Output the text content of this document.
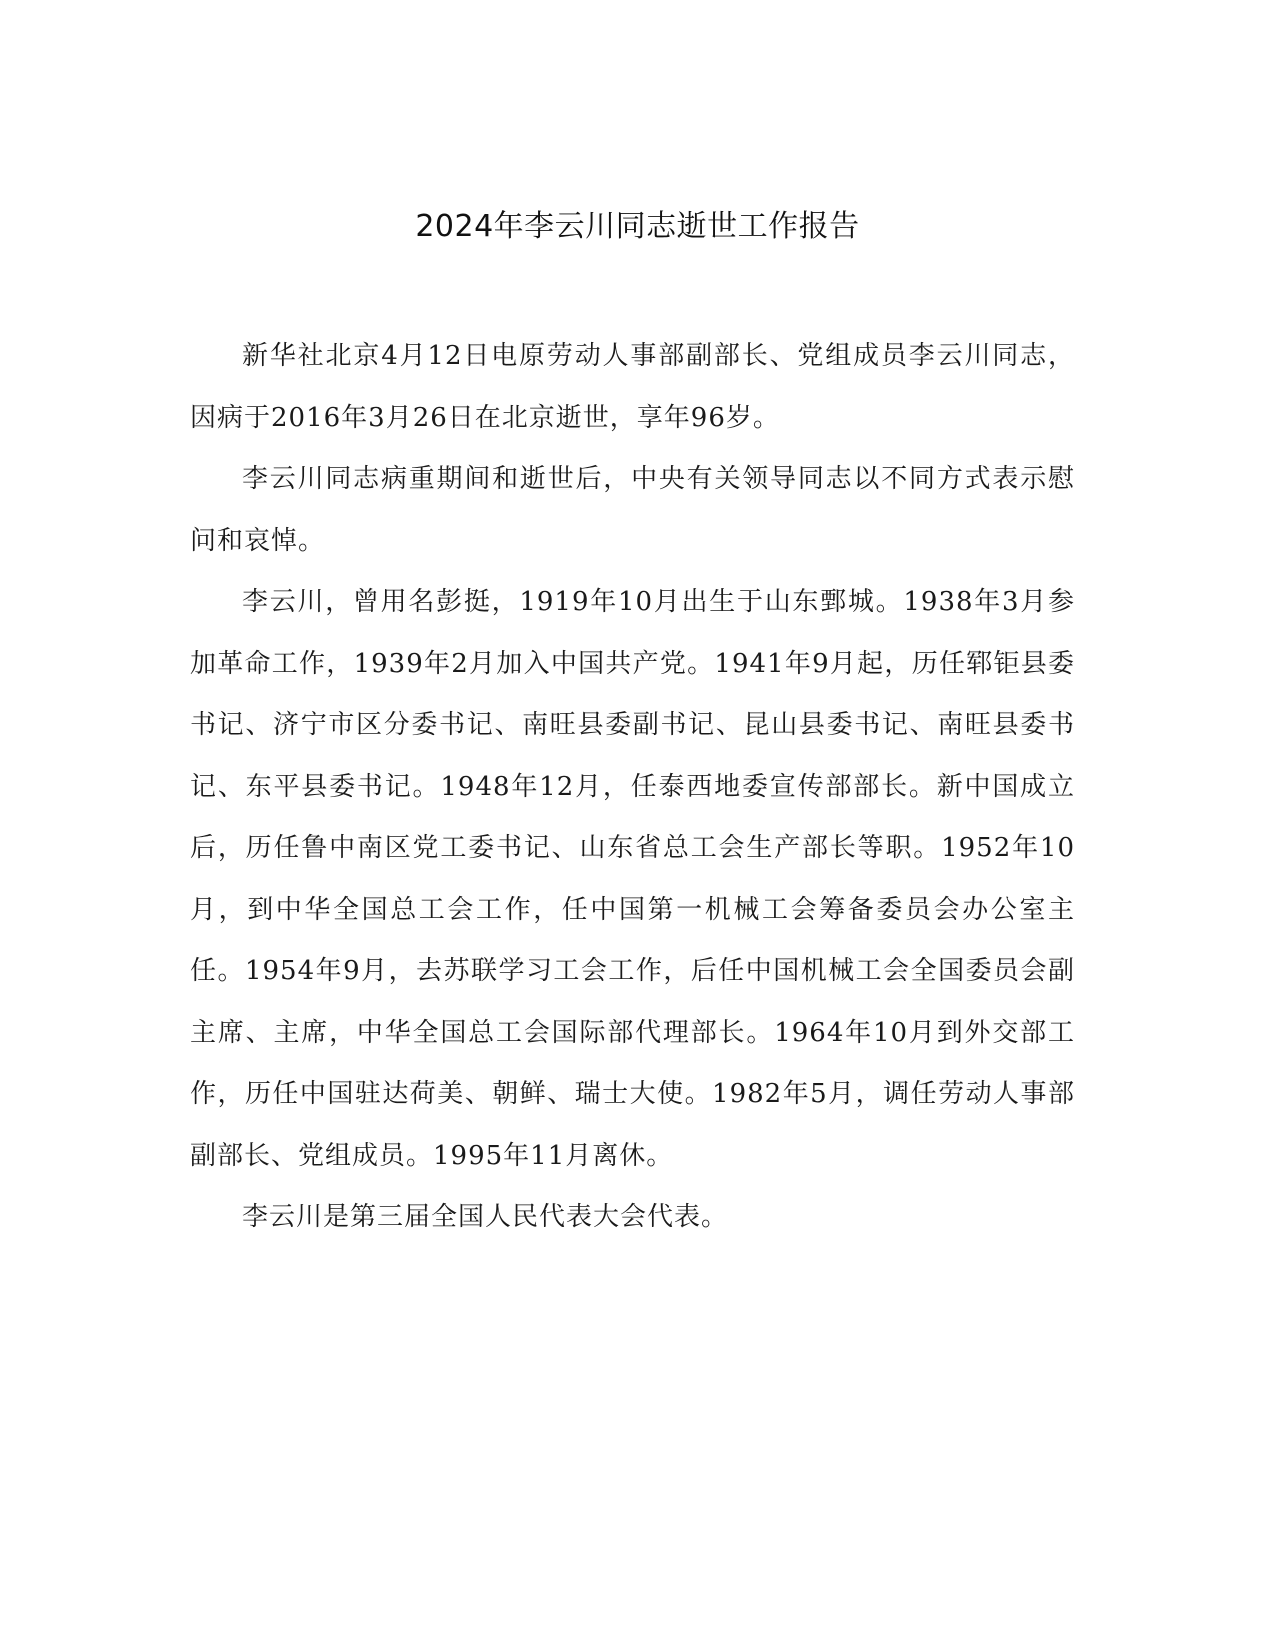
2024年李云川同志逝世工作报告

新华社北京4月12日电原劳动人事部副部长、党组成员李云川同志，因病于2016年3月26日在北京逝世，享年96岁。

李云川同志病重期间和逝世后，中央有关领导同志以不同方式表示慰问和哀悼。

李云川，曾用名彭挺，1919年10月出生于山东鄄城。1938年3月参加革命工作，1939年2月加入中国共产党。1941年9月起，历任郓钜县委书记、济宁市区分委书记、南旺县委副书记、昆山县委书记、南旺县委书记、东平县委书记。1948年12月，任泰西地委宣传部部长。新中国成立后，历任鲁中南区党工委书记、山东省总工会生产部长等职。1952年10月，到中华全国总工会工作，任中国第一机械工会筹备委员会办公室主任。1954年9月，去苏联学习工会工作，后任中国机械工会全国委员会副主席、主席，中华全国总工会国际部代理部长。1964年10月到外交部工作，历任中国驻达荷美、朝鲜、瑞士大使。1982年5月，调任劳动人事部副部长、党组成员。1995年11月离休。

李云川是第三届全国人民代表大会代表。
